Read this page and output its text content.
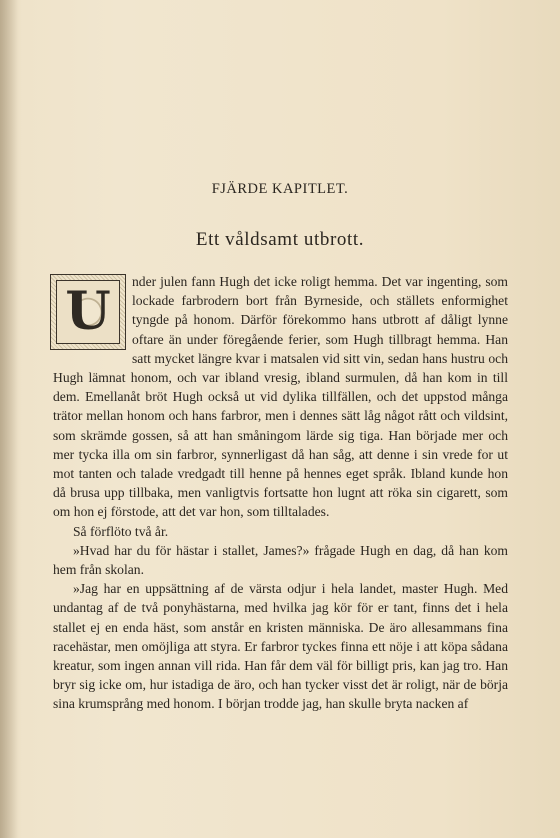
FJÄRDE KAPITLET.
Ett våldsamt utbrott.

U nder julen fann Hugh det icke roligt hemma. Det var ingenting, som lockade farbrodern bort från Byrneside, och ställets enformighet tyngde på honom. Därför förekommo hans utbrott af dåligt lynne oftare än under föregående ferier, som Hugh tillbragt hemma. Han satt mycket längre kvar i matsalen vid sitt vin, sedan hans hustru och Hugh lämnat honom, och var ibland vresig, ibland surmulen, då han kom in till dem. Emellanåt bröt Hugh också ut vid dylika tillfällen, och det uppstod många trätor mellan honom och hans farbror, men i dennes sätt låg något rått och vildsint, som skrämde gossen, så att han småningom lärde sig tiga. Han började mer och mer tycka illa om sin farbror, synnerligast då han såg, att denne i sin vrede for ut mot tanten och talade vredgadt till henne på hennes eget språk. Ibland kunde hon då brusa upp tillbaka, men vanligtvis fortsatte hon lugnt att röka sin cigarett, som om hon ej förstode, att det var hon, som tilltalades.

Så förflöto två år.

»Hvad har du för hästar i stallet, James?» frågade Hugh en dag, då han kom hem från skolan.

»Jag har en uppsättning af de värsta odjur i hela landet, master Hugh. Med undantag af de två ponyhästarna, med hvilka jag kör för er tant, finns det i hela stallet ej en enda häst, som anstår en kristen människa. De äro allesammans fina racehästar, men omöjliga att styra. Er farbror tyckes finna ett nöje i att köpa sådana kreatur, som ingen annan vill rida. Han får dem väl för billigt pris, kan jag tro. Han bryr sig icke om, hur istadiga de äro, och han tycker visst det är roligt, när de börja sina krumsprång med honom. I början trodde jag, han skulle bryta nacken af
